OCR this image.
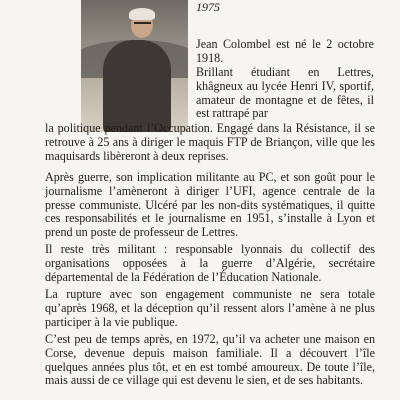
1975

Jean Colombel est né le 2 octobre 1918.

Brillant étudiant en Lettres, khâgneux au lycée Henri IV, sportif, amateur de montagne et de fêtes, il est rattrapé par

la politique pendant l’Occupation. Engagé dans la Résistance, il se retrouve à 25 ans à diriger le maquis FTP de Briançon, ville que les maquisards libèreront à deux reprises.

Après guerre, son implication militante au PC, et son goût pour le journalisme l’amèneront à diriger l’UFI, agence centrale de la presse communiste. Ulcéré par les non-dits systématiques, il quitte ces responsabilités et le journalisme en 1951, s’installe à Lyon et prend un poste de professeur de Lettres.

Il reste très militant : responsable lyonnais du collectif des organisations opposées à la guerre d’Algérie, secrétaire départemental de la Fédération de l’Éducation Nationale.

La rupture avec son engagement communiste ne sera totale qu’après 1968, et la déception qu’il ressent alors l’amène à ne plus participer à la vie publique.

C’est peu de temps après, en 1972, qu’il va acheter une maison en Corse, devenue depuis maison familiale. Il a découvert l’île quelques années plus tôt, et en est tombé amoureux. De toute l’île, mais aussi de ce village qui est devenu le sien, et de ses habitants.
